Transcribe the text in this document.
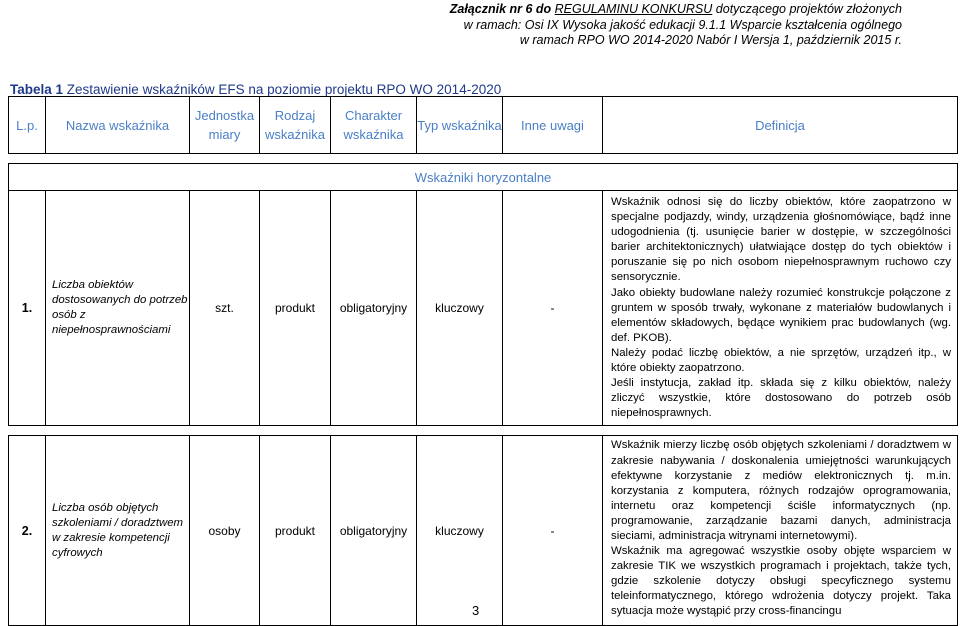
Załącznik nr 6 do REGULAMINU KONKURSU dotyczącego projektów złożonych
w ramach: Osi IX Wysoka jakość edukacji 9.1.1 Wsparcie kształcenia ogólnego
w ramach RPO WO 2014-2020 Nabór I Wersja 1, październik 2015 r.
Tabela 1 Zestawienie wskaźników EFS na poziomie projektu RPO WO 2014-2020
L.p.	Nazwa wskaźnika	Jednostka miary	Rodzaj wskaźnika	Charakter wskaźnika	Typ wskaźnika	Inne uwagi	Definicja

Wskaźniki horyzontalne							
1.	Liczba obiektów dostosowanych do potrzeb osób z niepełnosprawnościami	szt.	produkt	obligatoryjny	kluczowy	-	Wskaźnik odnosi się do liczby obiektów, które zaopatrzono w specjalne podjazdy, windy, urządzenia głośnomówiące, bądź inne udogodnienia (tj. usunięcie barier w dostępie, w szczególności barier architektonicznych) ułatwiające dostęp do tych obiektów i poruszanie się po nich osobom niepełnosprawnym ruchowo czy sensorycznie.

Jako obiekty budowlane należy rozumieć konstrukcje połączone z gruntem w sposób trwały, wykonane z materiałów budowlanych i elementów składowych, będące wynikiem prac budowlanych (wg. def. PKOB).

Należy podać liczbę obiektów, a nie sprzętów, urządzeń itp., w które obiekty zaopatrzono.

Jeśli instytucja, zakład itp. składa się z kilku obiektów, należy zliczyć wszystkie, które dostosowano do potrzeb osób niepełnosprawnych.

2.	Liczba osób objętych szkoleniami / doradztwem w zakresie kompetencji cyfrowych	osoby	produkt	obligatoryjny	kluczowy	-	Wskaźnik mierzy liczbę osób objętych szkoleniami / doradztwem w zakresie nabywania / doskonalenia umiejętności warunkujących efektywne korzystanie z mediów elektronicznych tj. m.in. korzystania z komputera, różnych rodzajów oprogramowania, internetu oraz kompetencji ściśle informatycznych (np. programowanie, zarządzanie bazami danych, administracja sieciami, administracja witrynami internetowymi).

Wskaźnik ma agregować wszystkie osoby objęte wsparciem w zakresie TIK we wszystkich programach i projektach, także tych, gdzie szkolenie dotyczy obsługi specyficznego systemu teleinformatycznego, którego wdrożenia dotyczy projekt. Taka sytuacja może wystąpić przy cross-financingu

3
